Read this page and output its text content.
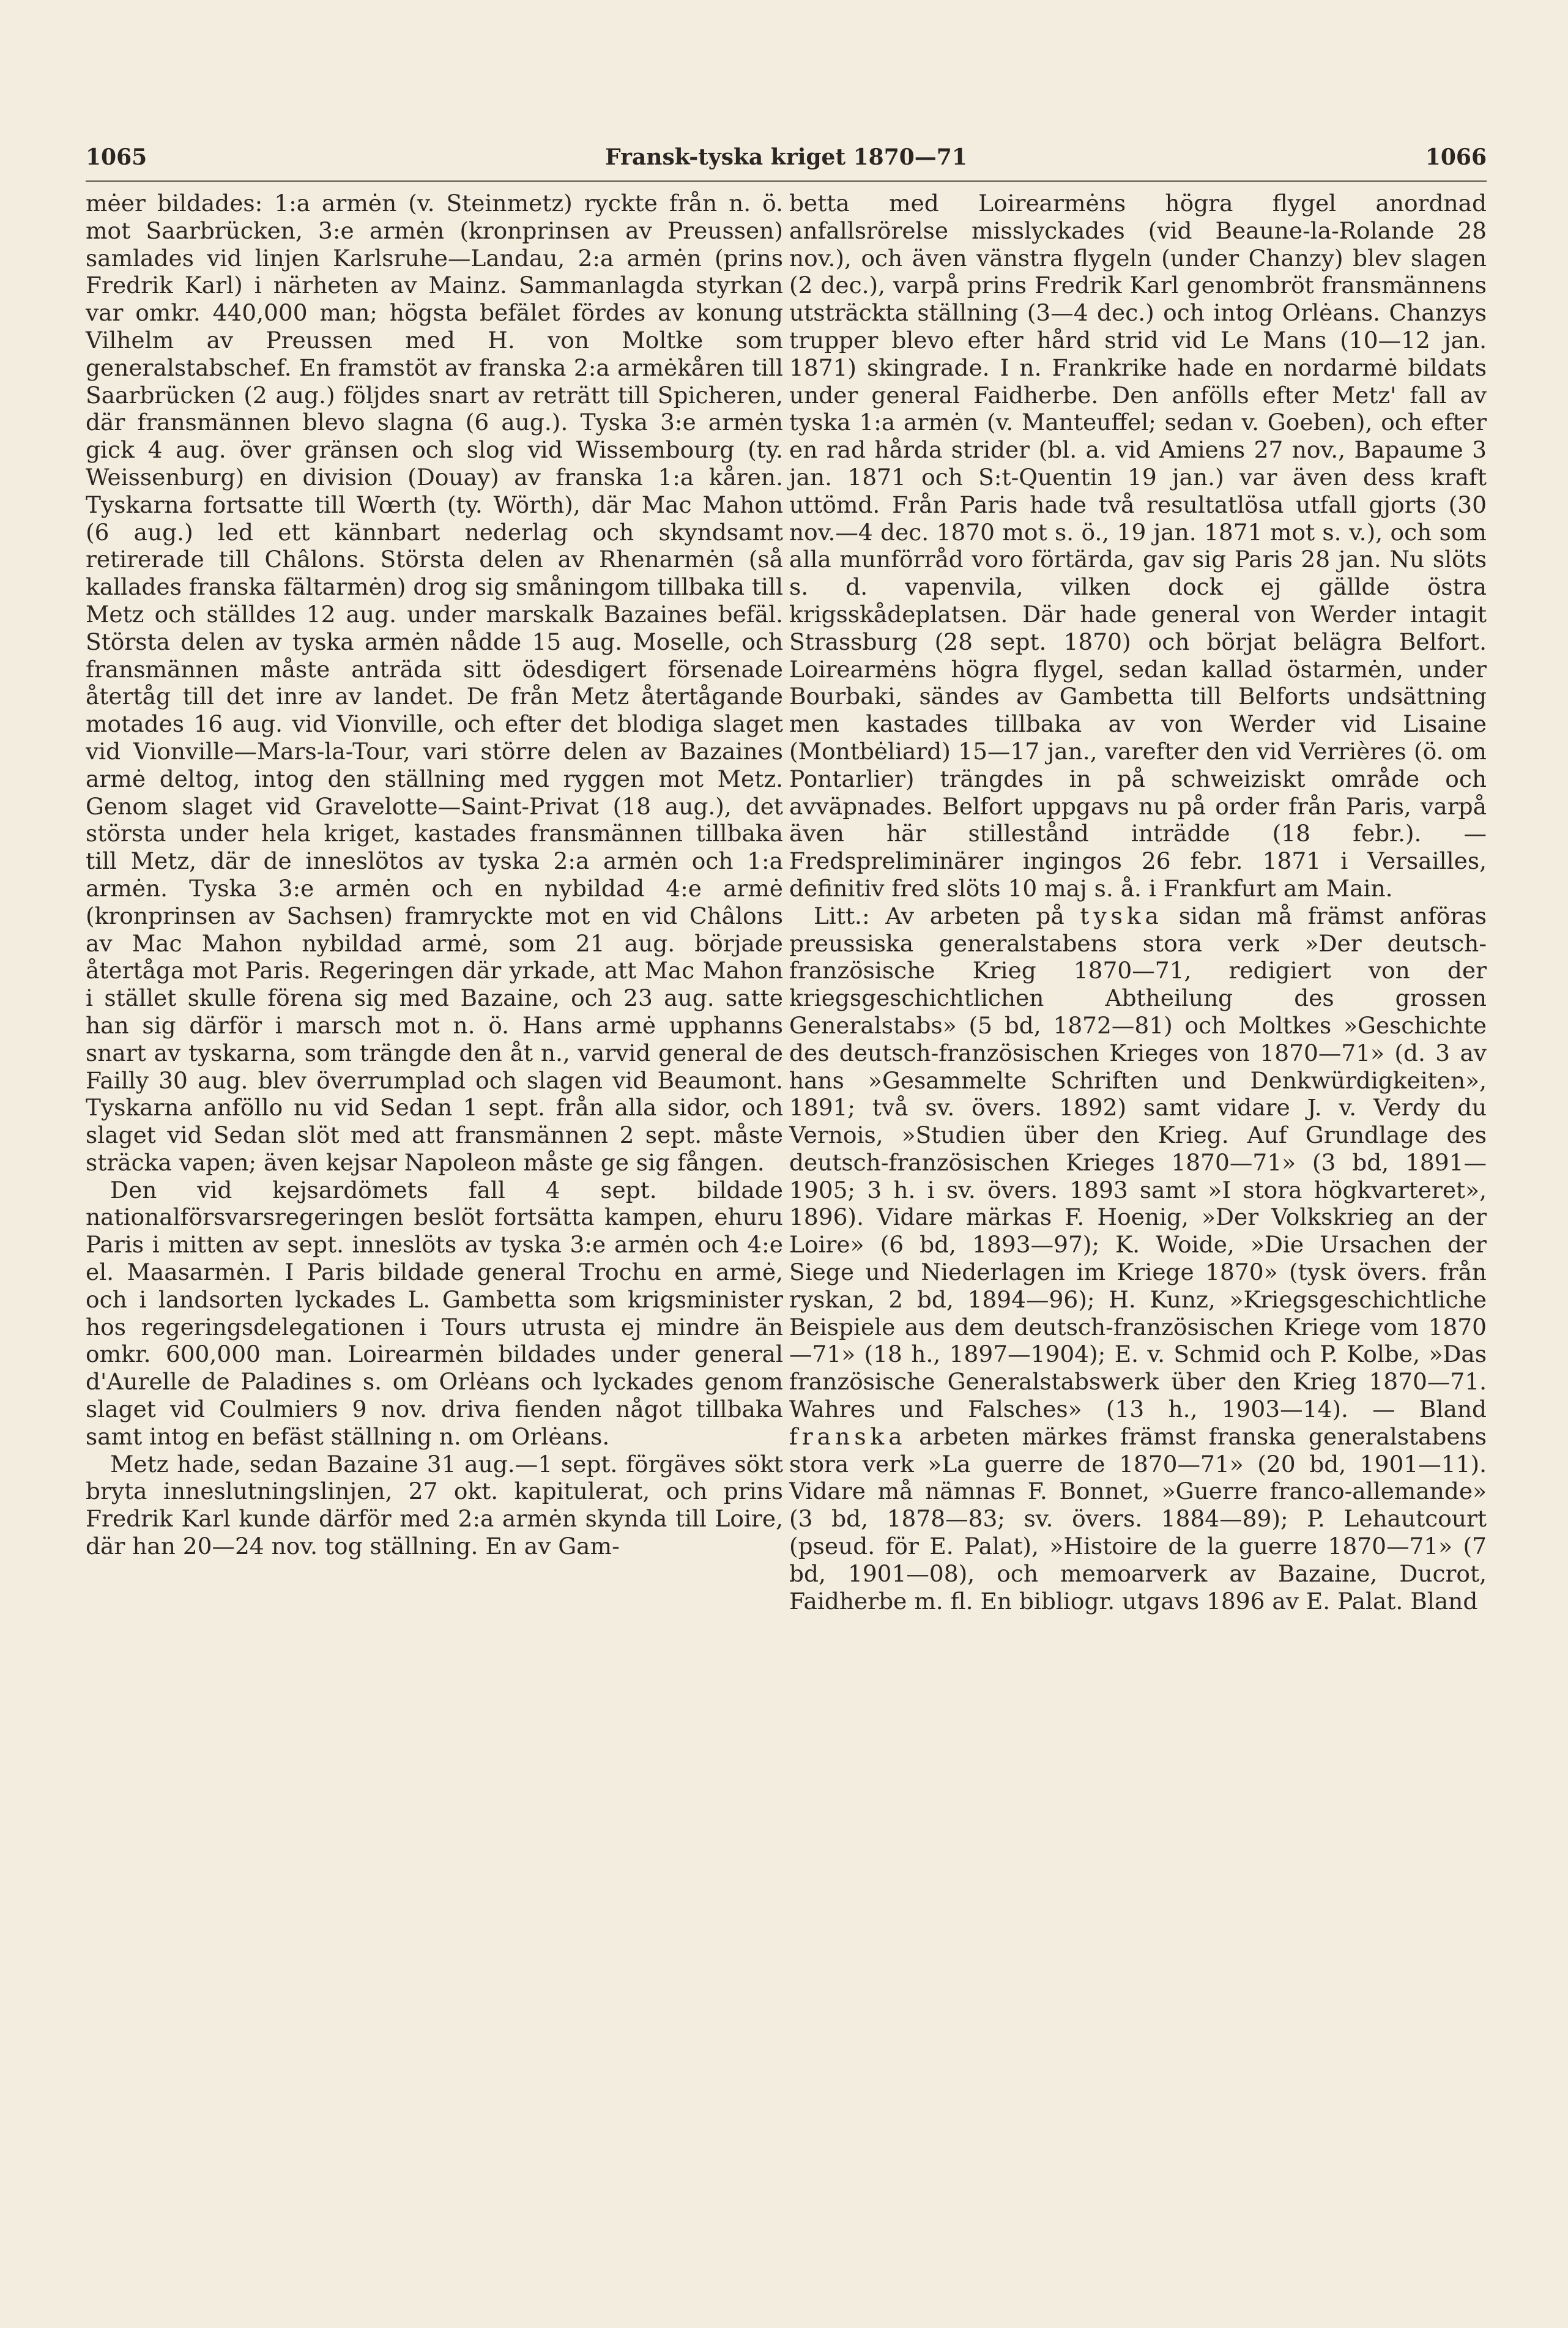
1065	Fransk-tyska kriget 1870—71	1066

mėer bildades: 1:a armėn (v. Steinmetz) ryckte från n. ö. mot Saarbrücken, 3:e armėn (kronprinsen av Preussen) samlades vid linjen Karlsruhe—Landau, 2:a armėn (prins Fredrik Karl) i närheten av Mainz. Sammanlagda styrkan var omkr. 440,000 man; högsta befälet fördes av konung Vilhelm av Preussen med H. von Moltke som generalstabschef. En framstöt av franska 2:a armėkåren till Saarbrücken (2 aug.) följdes snart av reträtt till Spicheren, där fransmännen blevo slagna (6 aug.). Tyska 3:e armėn gick 4 aug. över gränsen och slog vid Wissembourg (ty. Weissenburg) en division (Douay) av franska 1:a kåren. Tyskarna fortsatte till Wœrth (ty. Wörth), där Mac Mahon (6 aug.) led ett kännbart nederlag och skyndsamt retirerade till Châlons. Största delen av Rhenarmėn (så kallades franska fältarmėn) drog sig småningom tillbaka till Metz och ställdes 12 aug. under marskalk Bazaines befäl. Största delen av tyska armėn nådde 15 aug. Moselle, och fransmännen måste anträda sitt ödesdigert försenade återtåg till det inre av landet. De från Metz återtågande motades 16 aug. vid Vionville, och efter det blodiga slaget vid Vionville—Mars-la-Tour, vari större delen av Bazaines armė deltog, intog den ställning med ryggen mot Metz. Genom slaget vid Gravelotte—Saint-Privat (18 aug.), det största under hela kriget, kastades fransmännen tillbaka till Metz, där de inneslötos av tyska 2:a armėn och 1:a armėn. Tyska 3:e armėn och en nybildad 4:e armė (kronprinsen av Sachsen) framryckte mot en vid Châlons av Mac Mahon nybildad armė, som 21 aug. började återtåga mot Paris. Regeringen där yrkade, att Mac Mahon i stället skulle förena sig med Bazaine, och 23 aug. satte han sig därför i marsch mot n. ö. Hans armė upphanns snart av tyskarna, som trängde den åt n., varvid general de Failly 30 aug. blev överrumplad och slagen vid Beaumont. Tyskarna anföllo nu vid Sedan 1 sept. från alla sidor, och slaget vid Sedan slöt med att fransmännen 2 sept. måste sträcka vapen; även kejsar Napoleon måste ge sig fången.

Den vid kejsardömets fall 4 sept. bildade nationalförsvarsregeringen beslöt fortsätta kampen, ehuru Paris i mitten av sept. inneslöts av tyska 3:e armėn och 4:e el. Maasarmėn. I Paris bildade general Trochu en armė, och i landsorten lyckades L. Gambetta som krigsminister hos regeringsdelegationen i Tours utrusta ej mindre än omkr. 600,000 man. Loirearmėn bildades under general d'Aurelle de Paladines s. om Orlėans och lyckades genom slaget vid Coulmiers 9 nov. driva fienden något tillbaka samt intog en befäst ställning n. om Orlėans.

Metz hade, sedan Bazaine 31 aug.—1 sept. förgäves sökt bryta inneslutningslinjen, 27 okt. kapitulerat, och prins Fredrik Karl kunde därför med 2:a armėn skynda till Loire, där han 20—24 nov. tog ställning. En av Gam-

betta med Loirearmėns högra flygel anordnad anfallsrörelse misslyckades (vid Beaune-la-Rolande 28 nov.), och även vänstra flygeln (under Chanzy) blev slagen (2 dec.), varpå prins Fredrik Karl genombröt fransmännens utsträckta ställning (3—4 dec.) och intog Orlėans. Chanzys trupper blevo efter hård strid vid Le Mans (10—12 jan. 1871) skingrade. I n. Frankrike hade en nordarmė bildats under general Faidherbe. Den anfölls efter Metz' fall av tyska 1:a armėn (v. Manteuffel; sedan v. Goeben), och efter en rad hårda strider (bl. a. vid Amiens 27 nov., Bapaume 3 jan. 1871 och S:t-Quentin 19 jan.) var även dess kraft uttömd. Från Paris hade två resultatlösa utfall gjorts (30 nov.—4 dec. 1870 mot s. ö., 19 jan. 1871 mot s. v.), och som alla munförråd voro förtärda, gav sig Paris 28 jan. Nu slöts s. d. vapenvila, vilken dock ej gällde östra krigsskådeplatsen. Där hade general von Werder intagit Strassburg (28 sept. 1870) och börjat belägra Belfort. Loirearmėns högra flygel, sedan kallad östarmėn, under Bourbaki, sändes av Gambetta till Belforts undsättning men kastades tillbaka av von Werder vid Lisaine (Montbėliard) 15—17 jan., varefter den vid Verrières (ö. om Pontarlier) trängdes in på schweiziskt område och avväpnades. Belfort uppgavs nu på order från Paris, varpå även här stillestånd inträdde (18 febr.). — Fredspreliminärer ingingos 26 febr. 1871 i Versailles, definitiv fred slöts 10 maj s. å. i Frankfurt am Main.

Litt.: Av arbeten på tyska sidan må främst anföras preussiska generalstabens stora verk »Der deutsch-französische Krieg 1870—71, redigiert von der kriegsgeschichtlichen Abtheilung des grossen Generalstabs» (5 bd, 1872—81) och Moltkes »Geschichte des deutsch-französischen Krieges von 1870—71» (d. 3 av hans »Gesammelte Schriften und Denkwürdigkeiten», 1891; två sv. övers. 1892) samt vidare J. v. Verdy du Vernois, »Studien über den Krieg. Auf Grundlage des deutsch-französischen Krieges 1870—71» (3 bd, 1891—1905; 3 h. i sv. övers. 1893 samt »I stora högkvarteret», 1896). Vidare märkas F. Hoenig, »Der Volkskrieg an der Loire» (6 bd, 1893—97); K. Woide, »Die Ursachen der Siege und Niederlagen im Kriege 1870» (tysk övers. från ryskan, 2 bd, 1894—96); H. Kunz, »Kriegsgeschichtliche Beispiele aus dem deutsch-französischen Kriege vom 1870—71» (18 h., 1897—1904); E. v. Schmid och P. Kolbe, »Das französische Generalstabswerk über den Krieg 1870—71. Wahres und Falsches» (13 h., 1903—14). — Bland franska arbeten märkes främst franska generalstabens stora verk »La guerre de 1870—71» (20 bd, 1901—11). Vidare må nämnas F. Bonnet, »Guerre franco-allemande» (3 bd, 1878—83; sv. övers. 1884—89); P. Lehautcourt (pseud. för E. Palat), »Histoire de la guerre 1870—71» (7 bd, 1901—08), och memoarverk av Bazaine, Ducrot, Faidherbe m. fl. En bibliogr. utgavs 1896 av E. Palat. Bland
